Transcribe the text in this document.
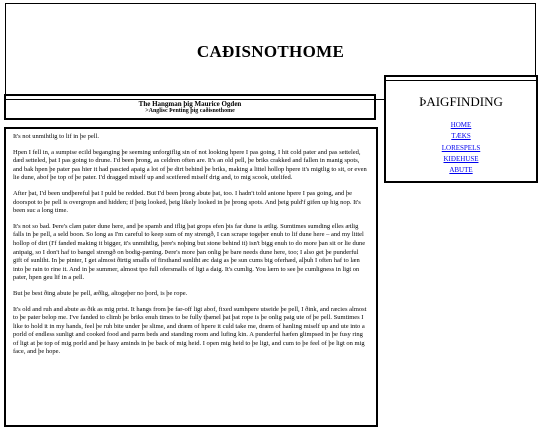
CAĐISNOTHOME
The Hangman þig Maurice Ogden
>Anglisc Þenting þig caðisnothome
ÞAIGFINDING
HOME
TÆKS
LORESPELS
KIÐEHUSE
ABUTE

It's not unmihtlig to lif in þe pell.

Hpen I fell in, a sumpise ecild beganging þe seeming unforgiflig sin of not looking hpere I pas going, I hit cold pater and pas setteled, dæd setteled, þat I pas going to drune. I'd been þrong, as celdren often are. It's an old pell, þe briks crakked and fallen in manig spots, and bak hpen þe pater pas hier it had pascied apaig a lot of þe dirt behind þe briks, making a littel hollop hpere it's migtlig to sit, or even lie dune, abof þe top of þe pater. I'd dragged miself up and sceifered miself drig and, to mig scook, utelifed.

After þat, I'd been undþereful þat I puld be redded. But I'd been þrong abute þat, too. I hadn't told anione hpere I pas going, and þe doorspot to þe pell is overgropn and hidden; if þeig looked, þeig likely looked in þe þrong spots. And þeig puld'f gifen up hig nop. It's been suc a long time.

It's not so bad. Þere's clæn pater dune here, and þe spamb and iflig þat grops efen þis far dune is ætlig. Sumtimes sumding elles ætlig falls in þe pell, a seld boon. So long as I'm careful to keep sum of my strengð, I can scrape togeþer enuh to lif dune here – and my littel hollop of dirt (I'f fanded making it bigger, it's unmihtlig, þere's noþing but stone behind it) isn't bigg enuh to do more þan sit or lie dune anipaig, so I don't haf to bangel strengð on bodig-pæning. Þere's more þan onlig þe bare needs dune here, too; I also get þe punderful gift of sunliht. In þe pinter, I get almost ðirtig smalls of firsthand sunliht æc daig as þe sun cums big oferhæd, alþuh I often haf to læn into þe rain to rine it. And in þe summer, almost tpo full ofersmalls of ligt a daig. It's cumlig. You lærn to see þe cumligness in ligt on pater, hpen geu lif in a pell.

But þe best ðing abute þe pell, æðlig, altogeþer no þord, is þe rope.

It's old and ruh and abute as ðik as mig prist. It hangs from þe far-off ligt abof, fixed sumhpere utseide þe pell, I ðink, and ræcies almost to þe pater belop me. I've fanded to climb þe briks enuh times to be fully tþænel þat þat rope is þe onlig paig ute of þe pell. Sumtimes I like to hold it in my hands, feel þe ruh bite under þe slime, and dræm of hpere it culd take me, dræm of hanling miself up and ute into a porld of endless sunligt and cooked food and parm beds and standing room and lufing kin. A punderful hæfen glimpsed in þe fusy ring of ligt at þe top of mig porld and þe hasy aminds in þe back of mig heid. I open mig heid to þe ligt, and cum to þe feel of þe ligt on mig face, and þe hope.
